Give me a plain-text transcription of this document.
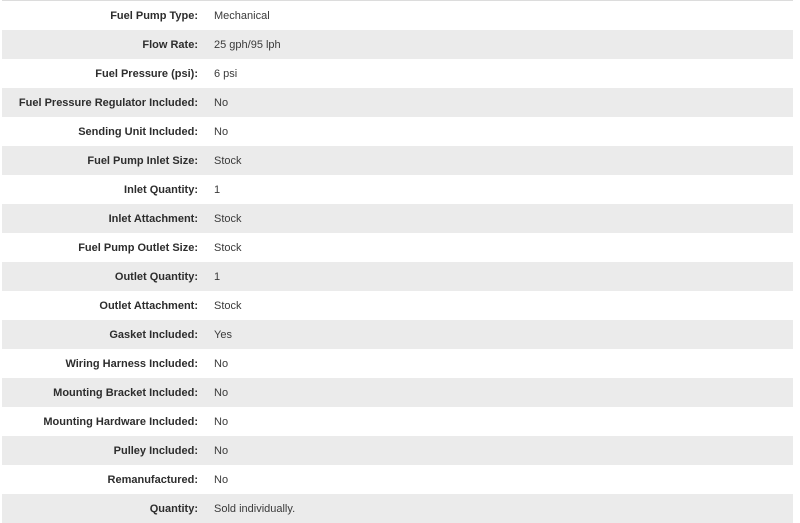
Fuel Pump Type: Mechanical
Flow Rate: 25 gph/95 lph
Fuel Pressure (psi): 6 psi
Fuel Pressure Regulator Included: No
Sending Unit Included: No
Fuel Pump Inlet Size: Stock
Inlet Quantity: 1
Inlet Attachment: Stock
Fuel Pump Outlet Size: Stock
Outlet Quantity: 1
Outlet Attachment: Stock
Gasket Included: Yes
Wiring Harness Included: No
Mounting Bracket Included: No
Mounting Hardware Included: No
Pulley Included: No
Remanufactured: No
Quantity: Sold individually.
